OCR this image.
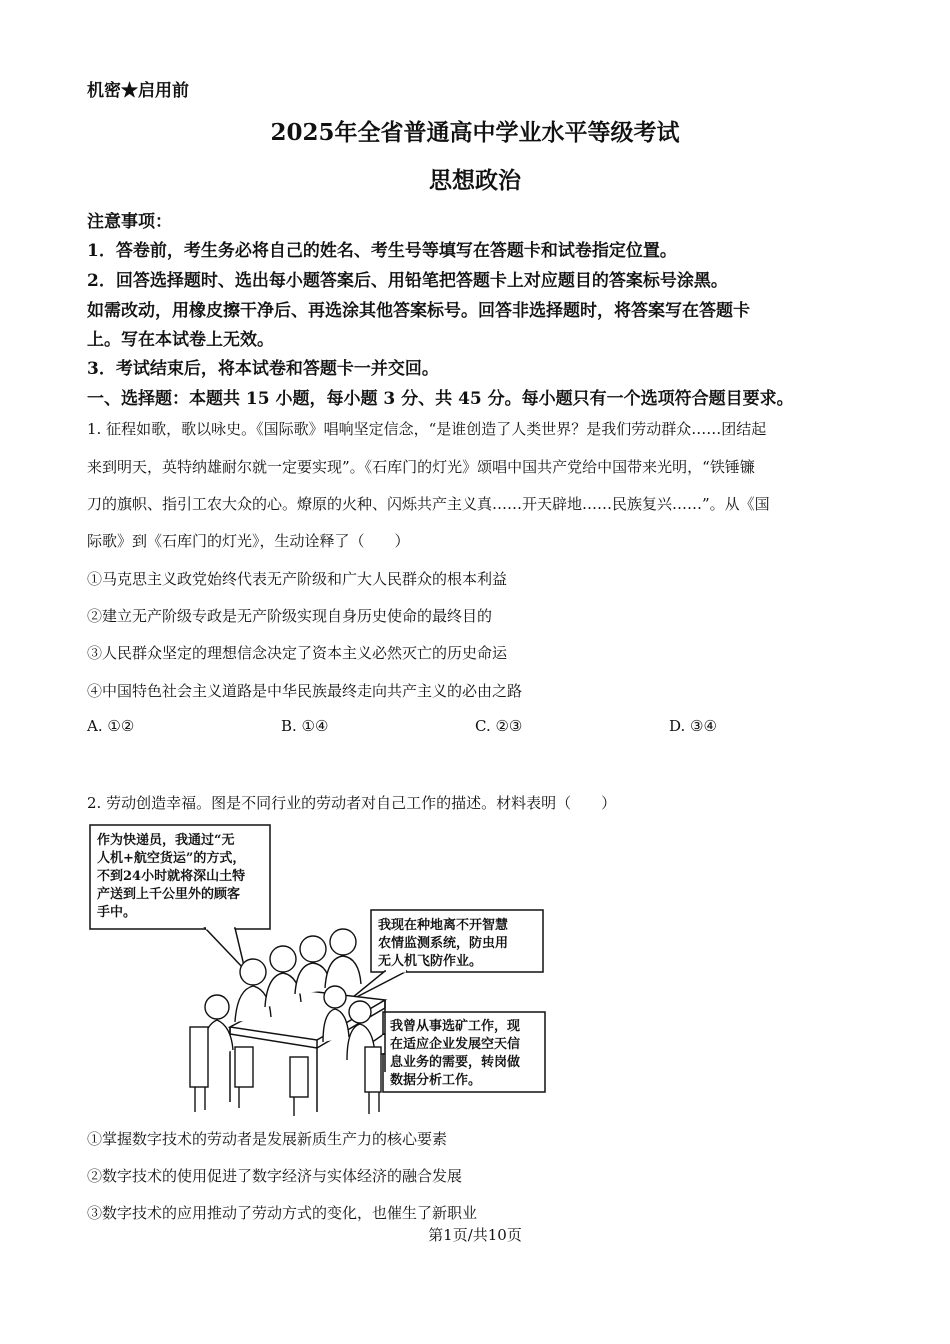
机密★启用前
2025年全省普通高中学业水平等级考试
思想政治
注意事项：
1．答卷前，考生务必将自己的姓名、考生号等填写在答题卡和试卷指定位置。
2．回答选择题时、选出每小题答案后、用铅笔把答题卡上对应题目的答案标号涂黑。
如需改动，用橡皮擦干净后、再选涂其他答案标号。回答非选择题时，将答案写在答题卡
上。写在本试卷上无效。
3．考试结束后，将本试卷和答题卡一并交回。
一、选择题：本题共 15 小题，每小题 3 分、共 45 分。每小题只有一个选项符合题目要求。
1. 征程如歌，歌以咏史。《国际歌》唱响坚定信念，“是谁创造了人类世界？是我们劳动群众……团结起
来到明天，英特纳雄耐尔就一定要实现”。《石库门的灯光》颂唱中国共产党给中国带来光明，“铁锤镰
刀的旗帜、指引工农大众的心。燎原的火种、闪烁共产主义真……开天辟地……民族复兴……”。从《国
际歌》到《石库门的灯光》，生动诠释了（　　）
①马克思主义政党始终代表无产阶级和广大人民群众的根本利益
②建立无产阶级专政是无产阶级实现自身历史使命的最终目的
③人民群众坚定的理想信念决定了资本主义必然灭亡的历史命运
④中国特色社会主义道路是中华民族最终走向共产主义的必由之路
A. ①②	B. ①④	C. ②③	D. ③④
2. 劳动创造幸福。图是不同行业的劳动者对自己工作的描述。材料表明（　　）
作为快递员，我通过“无
人机+航空货运”的方式，
不到24小时就将深山土特
产送到上千公里外的顾客
手中。
我现在种地离不开智慧
农情监测系统，防虫用
无人机飞防作业。
我曾从事选矿工作，现
在适应企业发展空天信
息业务的需要，转岗做
数据分析工作。
①掌握数字技术的劳动者是发展新质生产力的核心要素
②数字技术的使用促进了数字经济与实体经济的融合发展
③数字技术的应用推动了劳动方式的变化，也催生了新职业
第1页/共10页
